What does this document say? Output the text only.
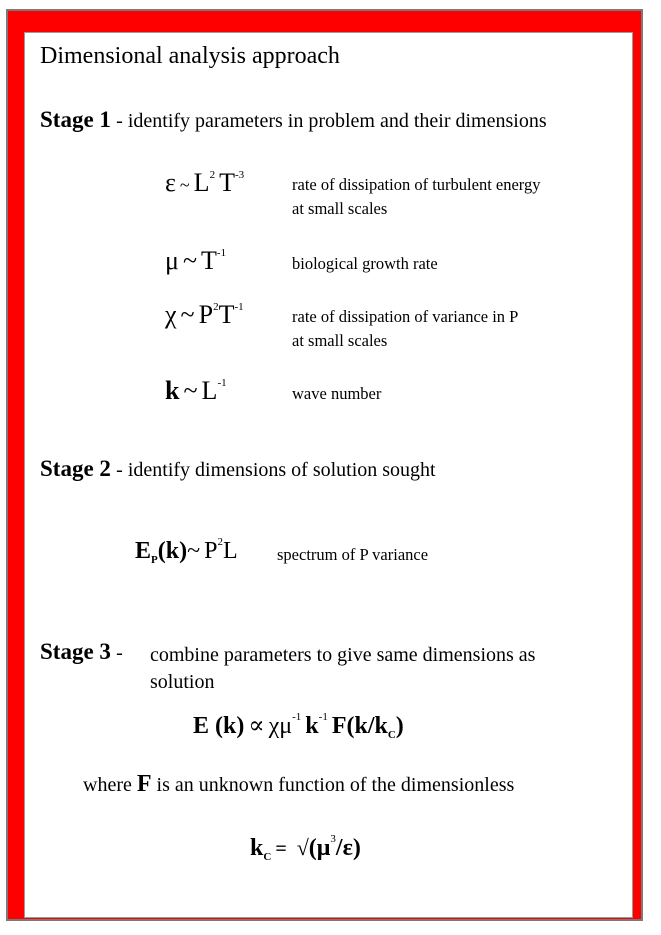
Dimensional analysis approach
Stage 1 - identify parameters in problem and their dimensions
ε ~ $L^2$ $T^{-3}$	rate of dissipation of turbulent energy
at small scales
μ ~ $T^{-1}$
biological growth rate
χ ~ $P^2T^{-1}$	rate of dissipation of variance in P
at small scales
k ~ $L^{-1}$
wave number
Stage 2 - identify dimensions of solution sought
$E_P(k)\sim$ $P^2L$ spectrum of P variance
Stage 3 - combine parameters to give same dimensions as
solution
E $(k) \propto \chi\mu^{-1}$ $k^{-1}$ $F(k/k_C)$
where F is an unknown function of the dimensionless
$k_C = √(\mu^3/\varepsilon)$
